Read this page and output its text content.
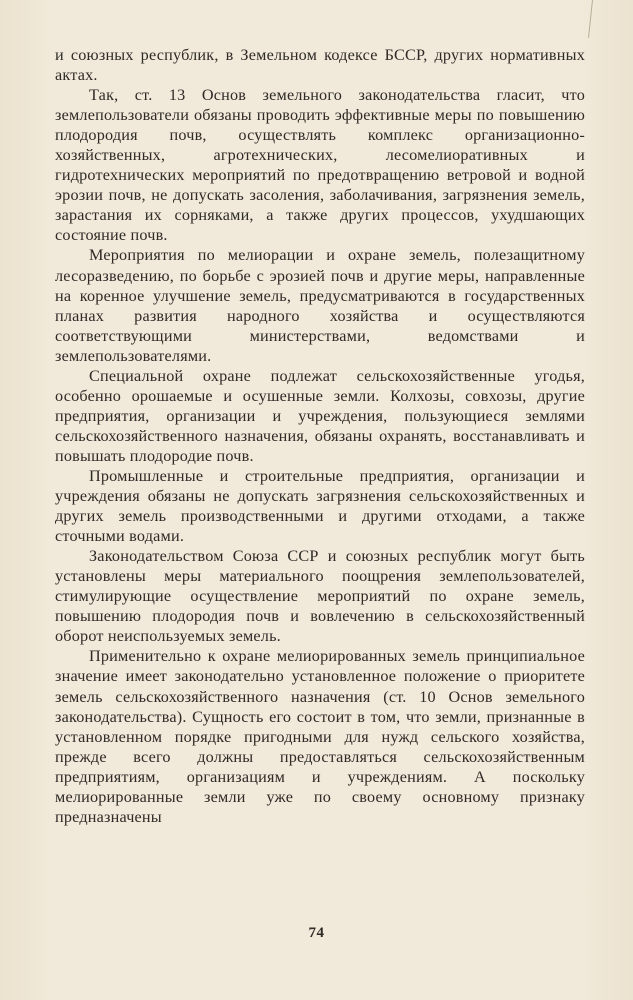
и союзных республик, в Земельном кодексе БССР, других нормативных актах.

Так, ст. 13 Основ земельного законодательства гласит, что землепользователи обязаны проводить эффективные меры по повышению плодородия почв, осуществлять комплекс организационно-хозяйственных, агротехнических, лесомелиоративных и гидротехнических мероприятий по предотвращению ветровой и водной эрозии почв, не допускать засоления, заболачивания, загрязнения земель, зарастания их сорняками, а также других процессов, ухудшающих состояние почв.

Мероприятия по мелиорации и охране земель, полезащитному лесоразведению, по борьбе с эрозией почв и другие меры, направленные на коренное улучшение земель, предусматриваются в государственных планах развития народного хозяйства и осуществляются соответствующими министерствами, ведомствами и землепользователями.

Специальной охране подлежат сельскохозяйственные угодья, особенно орошаемые и осушенные земли. Колхозы, совхозы, другие предприятия, организации и учреждения, пользующиеся землями сельскохозяйственного назначения, обязаны охранять, восстанавливать и повышать плодородие почв.

Промышленные и строительные предприятия, организации и учреждения обязаны не допускать загрязнения сельскохозяйственных и других земель производственными и другими отходами, а также сточными водами.

Законодательством Союза ССР и союзных республик могут быть установлены меры материального поощрения землепользователей, стимулирующие осуществление мероприятий по охране земель, повышению плодородия почв и вовлечению в сельскохозяйственный оборот неиспользуемых земель.

Применительно к охране мелиорированных земель принципиальное значение имеет законодательно установленное положение о приоритете земель сельскохозяйственного назначения (ст. 10 Основ земельного законодательства). Сущность его состоит в том, что земли, признанные в установленном порядке пригодными для нужд сельского хозяйства, прежде всего должны предоставляться сельскохозяйственным предприятиям, организациям и учреждениям. А поскольку мелиорированные земли уже по своему основному признаку предназначены

74
